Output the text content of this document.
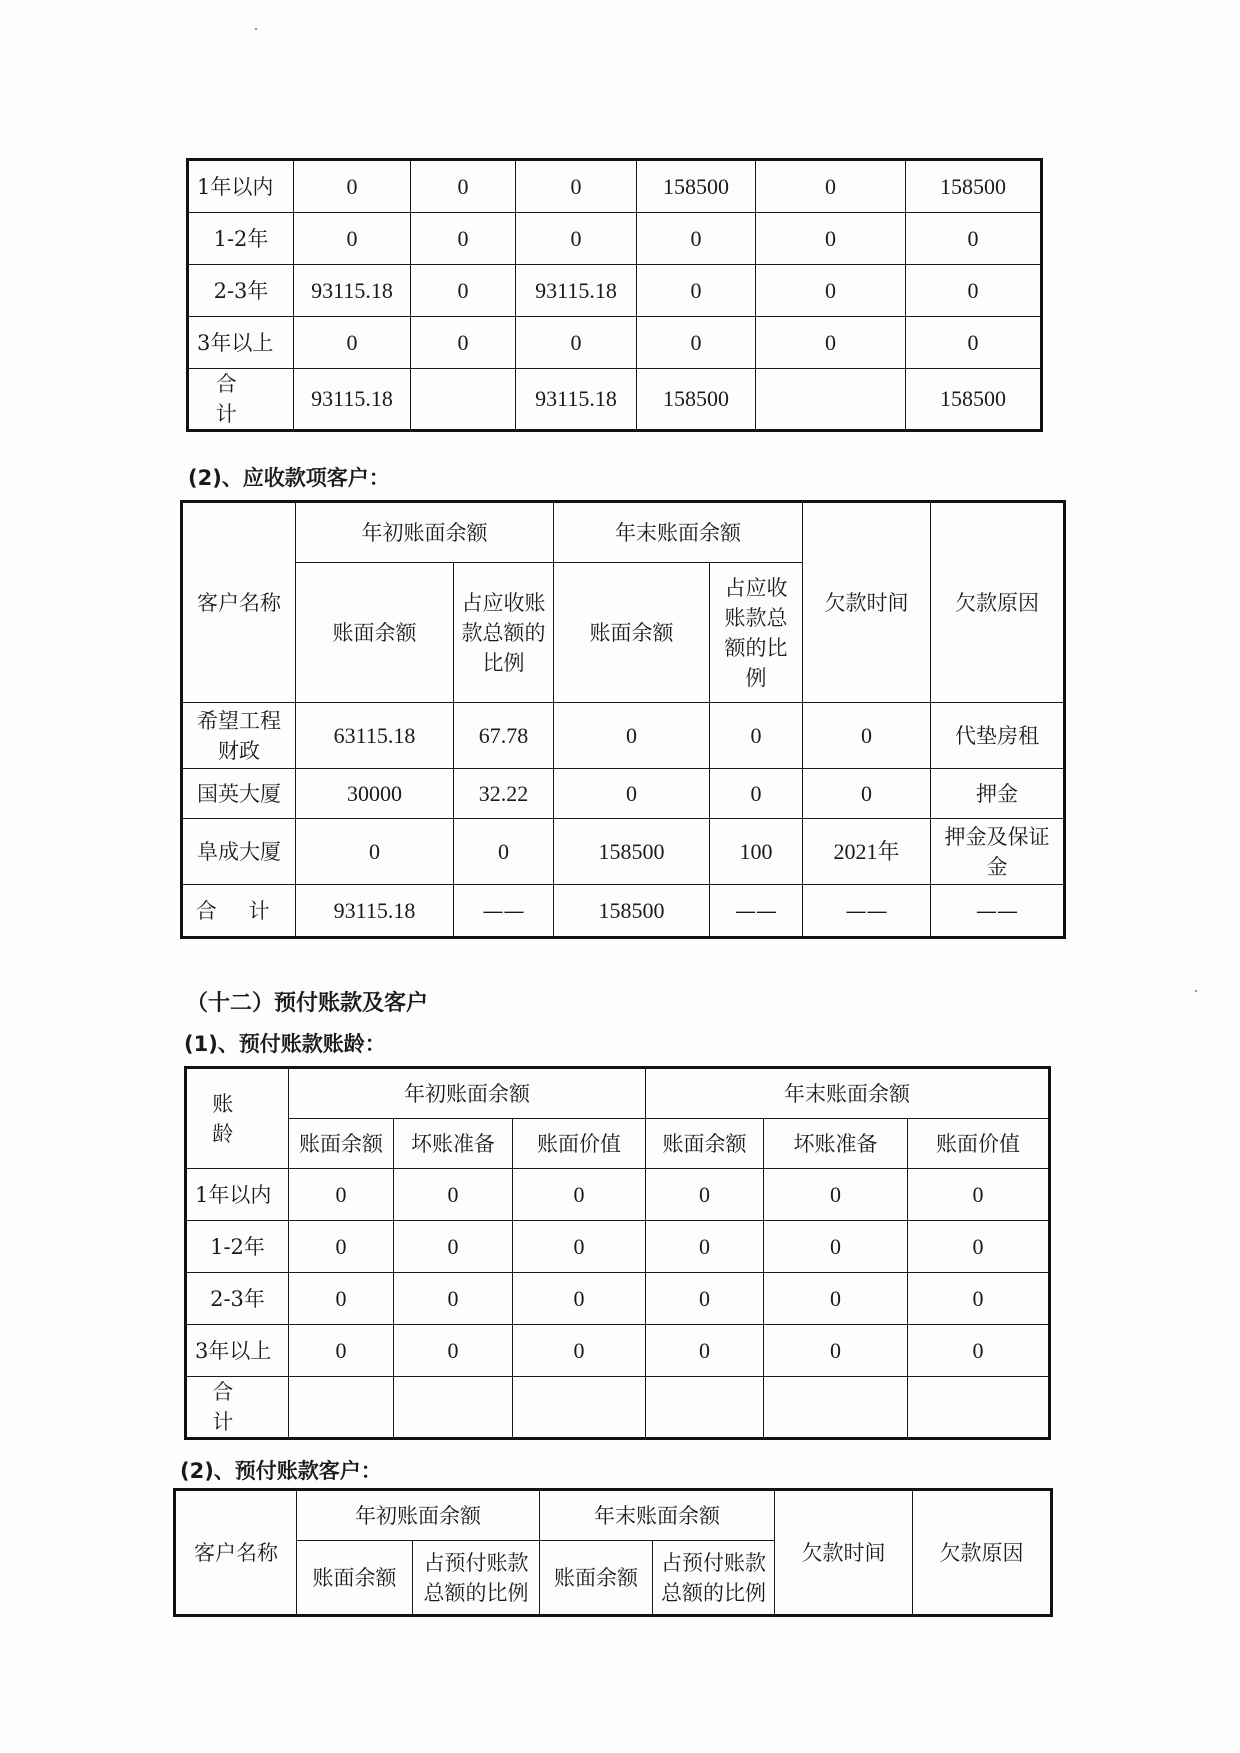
1年以内	0	0	0	158500	0	158500
1-2年	0	0	0	0	0	0
2-3年	93115.18	0	93115.18	0	0	0
3年以上	0	0	0	0	0	0
合 计	93115.18		93115.18	158500		158500
(2)、应收款项客户：
客户名称	年初账面余额		年末账面余额		欠款时间	欠款原因
	账面余额	占应收账款总额的比例	账面余额	占应收账款总额的比例		
希望工程财政	63115.18	67.78	0	0	0	代垫房租
国英大厦	30000	32.22	0	0	0	押金
阜成大厦	0	0	158500	100	2021年	押金及保证金
合 计	93115.18	——	158500	——	——	——
（十二）预付账款及客户
(1)、预付账款账龄：
账 龄	年初账面余额			年末账面余额		
	账面余额	坏账准备	账面价值	账面余额	坏账准备	账面价值
1年以内	0	0	0	0	0	0
1-2年	0	0	0	0	0	0
2-3年	0	0	0	0	0	0
3年以上	0	0	0	0	0	0
合 计						
(2)、预付账款客户：
客户名称	年初账面余额		年末账面余额		欠款时间	欠款原因
	账面余额	占预付账款总额的比例	账面余额	占预付账款总额的比例		
